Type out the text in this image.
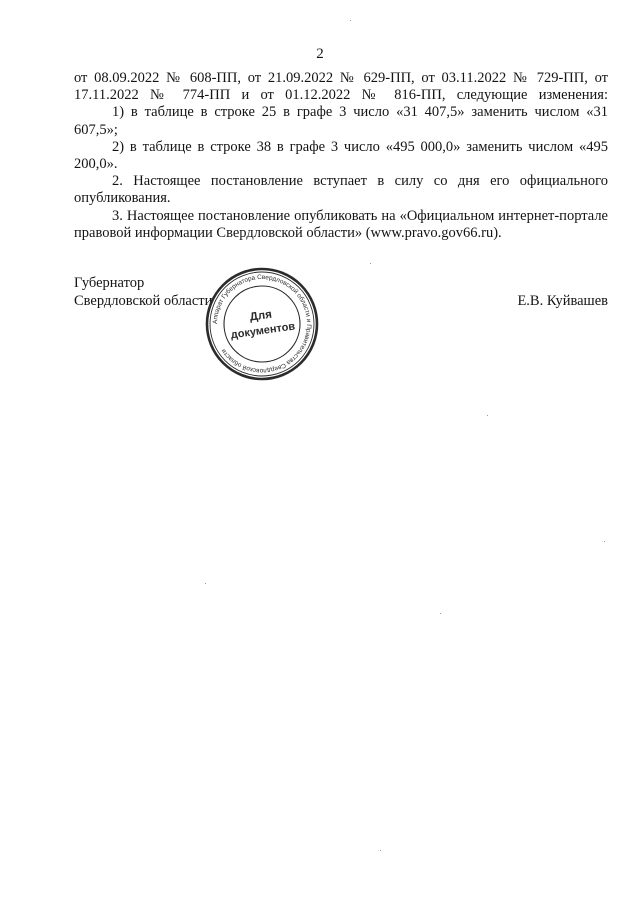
2

от 08.09.2022 № 608-ПП, от 21.09.2022 № 629-ПП, от 03.11.2022 № 729-ПП, от 17.11.2022 № 774-ПП и от 01.12.2022 № 816-ПП, следующие изменения:

1) в таблице в строке 25 в графе 3 число «31 407,5» заменить числом «31 607,5»;

2) в таблице в строке 38 в графе 3 число «495 000,0» заменить числом «495 200,0».

2. Настоящее постановление вступает в силу со дня его официального опубликования.

3. Настоящее постановление опубликовать на «Официальном интернет-портале правовой информации Свердловской области» (www.pravo.gov66.ru).

Губернатор
Свердловской области	Е.В. Куйвашев
Аппарат Губернатора Свердловской области и Правительства Свердловской области
Для
документов
